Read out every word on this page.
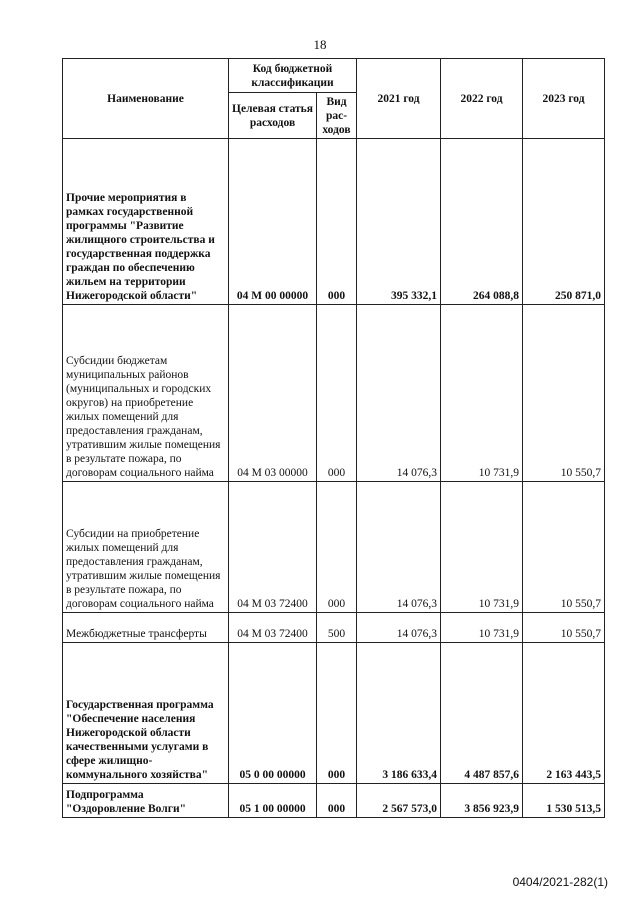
18
Наименование	Код бюджетной классификации		2021 год	2022 год	2023 год
	Целевая статья расходов	Вид рас-ходов			
Прочие мероприятия в рамках государственной программы "Развитие жилищного строительства и государственная поддержка граждан по обеспечению жильем на территории Нижегородской области"	04 М 00 00000	000	395 332,1	264 088,8	250 871,0
Субсидии бюджетам муниципальных районов (муниципальных и городских округов) на приобретение жилых помещений для предоставления гражданам, утратившим жилые помещения в результате пожара, по договорам социального найма	04 М 03 00000	000	14 076,3	10 731,9	10 550,7
Субсидии на приобретение жилых помещений для предоставления гражданам, утратившим жилые помещения в результате пожара, по договорам социального найма	04 М 03 72400	000	14 076,3	10 731,9	10 550,7
Межбюджетные трансферты	04 М 03 72400	500	14 076,3	10 731,9	10 550,7
Государственная программа "Обеспечение населения Нижегородской области качественными услугами в сфере жилищно-коммунального хозяйства"	05 0 00 00000	000	3 186 633,4	4 487 857,6	2 163 443,5
Подпрограмма "Оздоровление Волги"	05 1 00 00000	000	2 567 573,0	3 856 923,9	1 530 513,5
0404/2021-282(1)
